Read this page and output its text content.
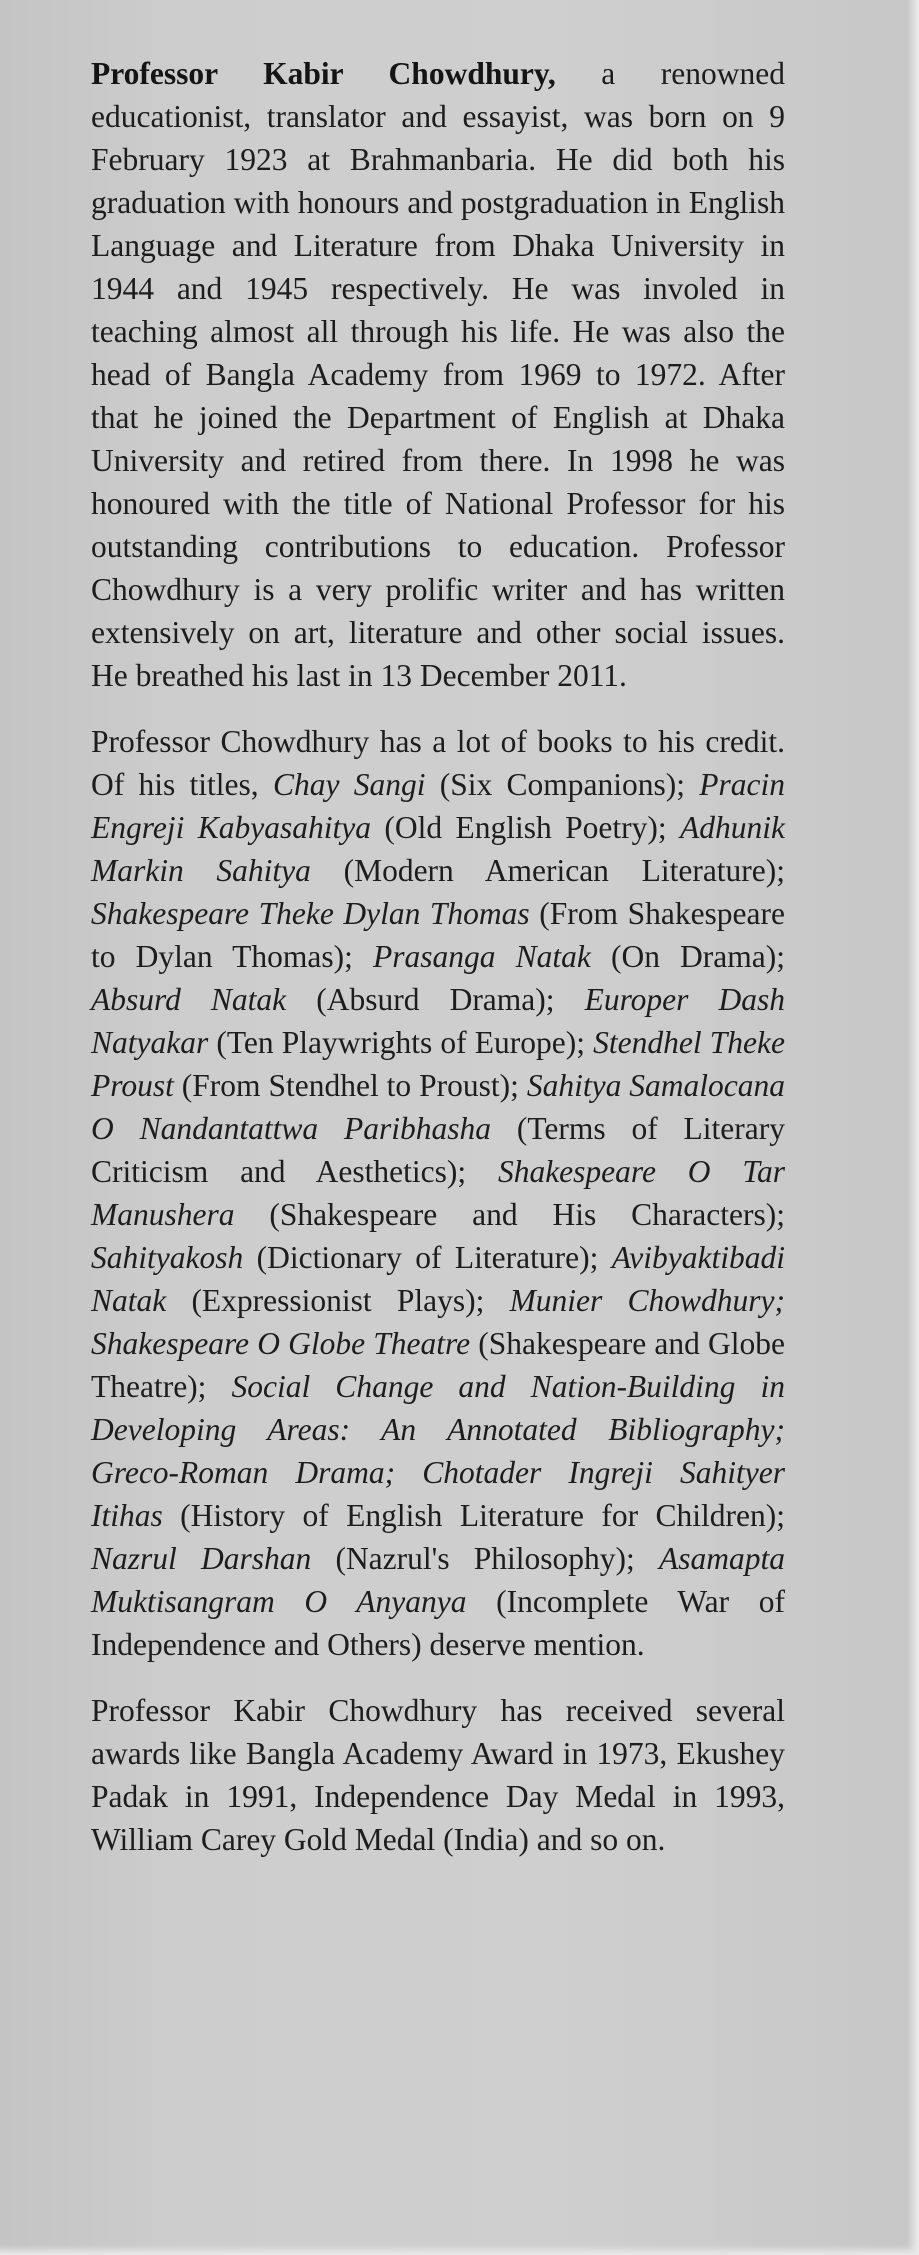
Professor Kabir Chowdhury, a renowned educationist, translator and essayist, was born on 9 February 1923 at Brahmanbaria. He did both his graduation with honours and postgraduation in English Language and Literature from Dhaka University in 1944 and 1945 respectively. He was involed in teaching almost all through his life. He was also the head of Bangla Academy from 1969 to 1972. After that he joined the Department of English at Dhaka University and retired from there. In 1998 he was honoured with the title of National Professor for his outstanding contributions to education. Professor Chowdhury is a very prolific writer and has written extensively on art, literature and other social issues. He breathed his last in 13 December 2011.

Professor Chowdhury has a lot of books to his credit. Of his titles, Chay Sangi (Six Companions); Pracin Engreji Kabyasahitya (Old English Poetry); Adhunik Markin Sahitya (Modern American Literature); Shakespeare Theke Dylan Thomas (From Shakespeare to Dylan Thomas); Prasanga Natak (On Drama); Absurd Natak (Absurd Drama); Europer Dash Natyakar (Ten Playwrights of Europe); Stendhel Theke Proust (From Stendhel to Proust); Sahitya Samalocana O Nandantattwa Paribhasha (Terms of Literary Criticism and Aesthetics); Shakespeare O Tar Manushera (Shakespeare and His Characters); Sahityakosh (Dictionary of Literature); Avibyaktibadi Natak (Expressionist Plays); Munier Chowdhury; Shakespeare O Globe Theatre (Shakespeare and Globe Theatre); Social Change and Nation-Building in Developing Areas: An Annotated Bibliography; Greco-Roman Drama; Chotader Ingreji Sahityer Itihas (History of English Literature for Children); Nazrul Darshan (Nazrul's Philosophy); Asamapta Muktisangram O Anyanya (Incomplete War of Independence and Others) deserve mention.

Professor Kabir Chowdhury has received several awards like Bangla Academy Award in 1973, Ekushey Padak in 1991, Independence Day Medal in 1993, William Carey Gold Medal (India) and so on.
